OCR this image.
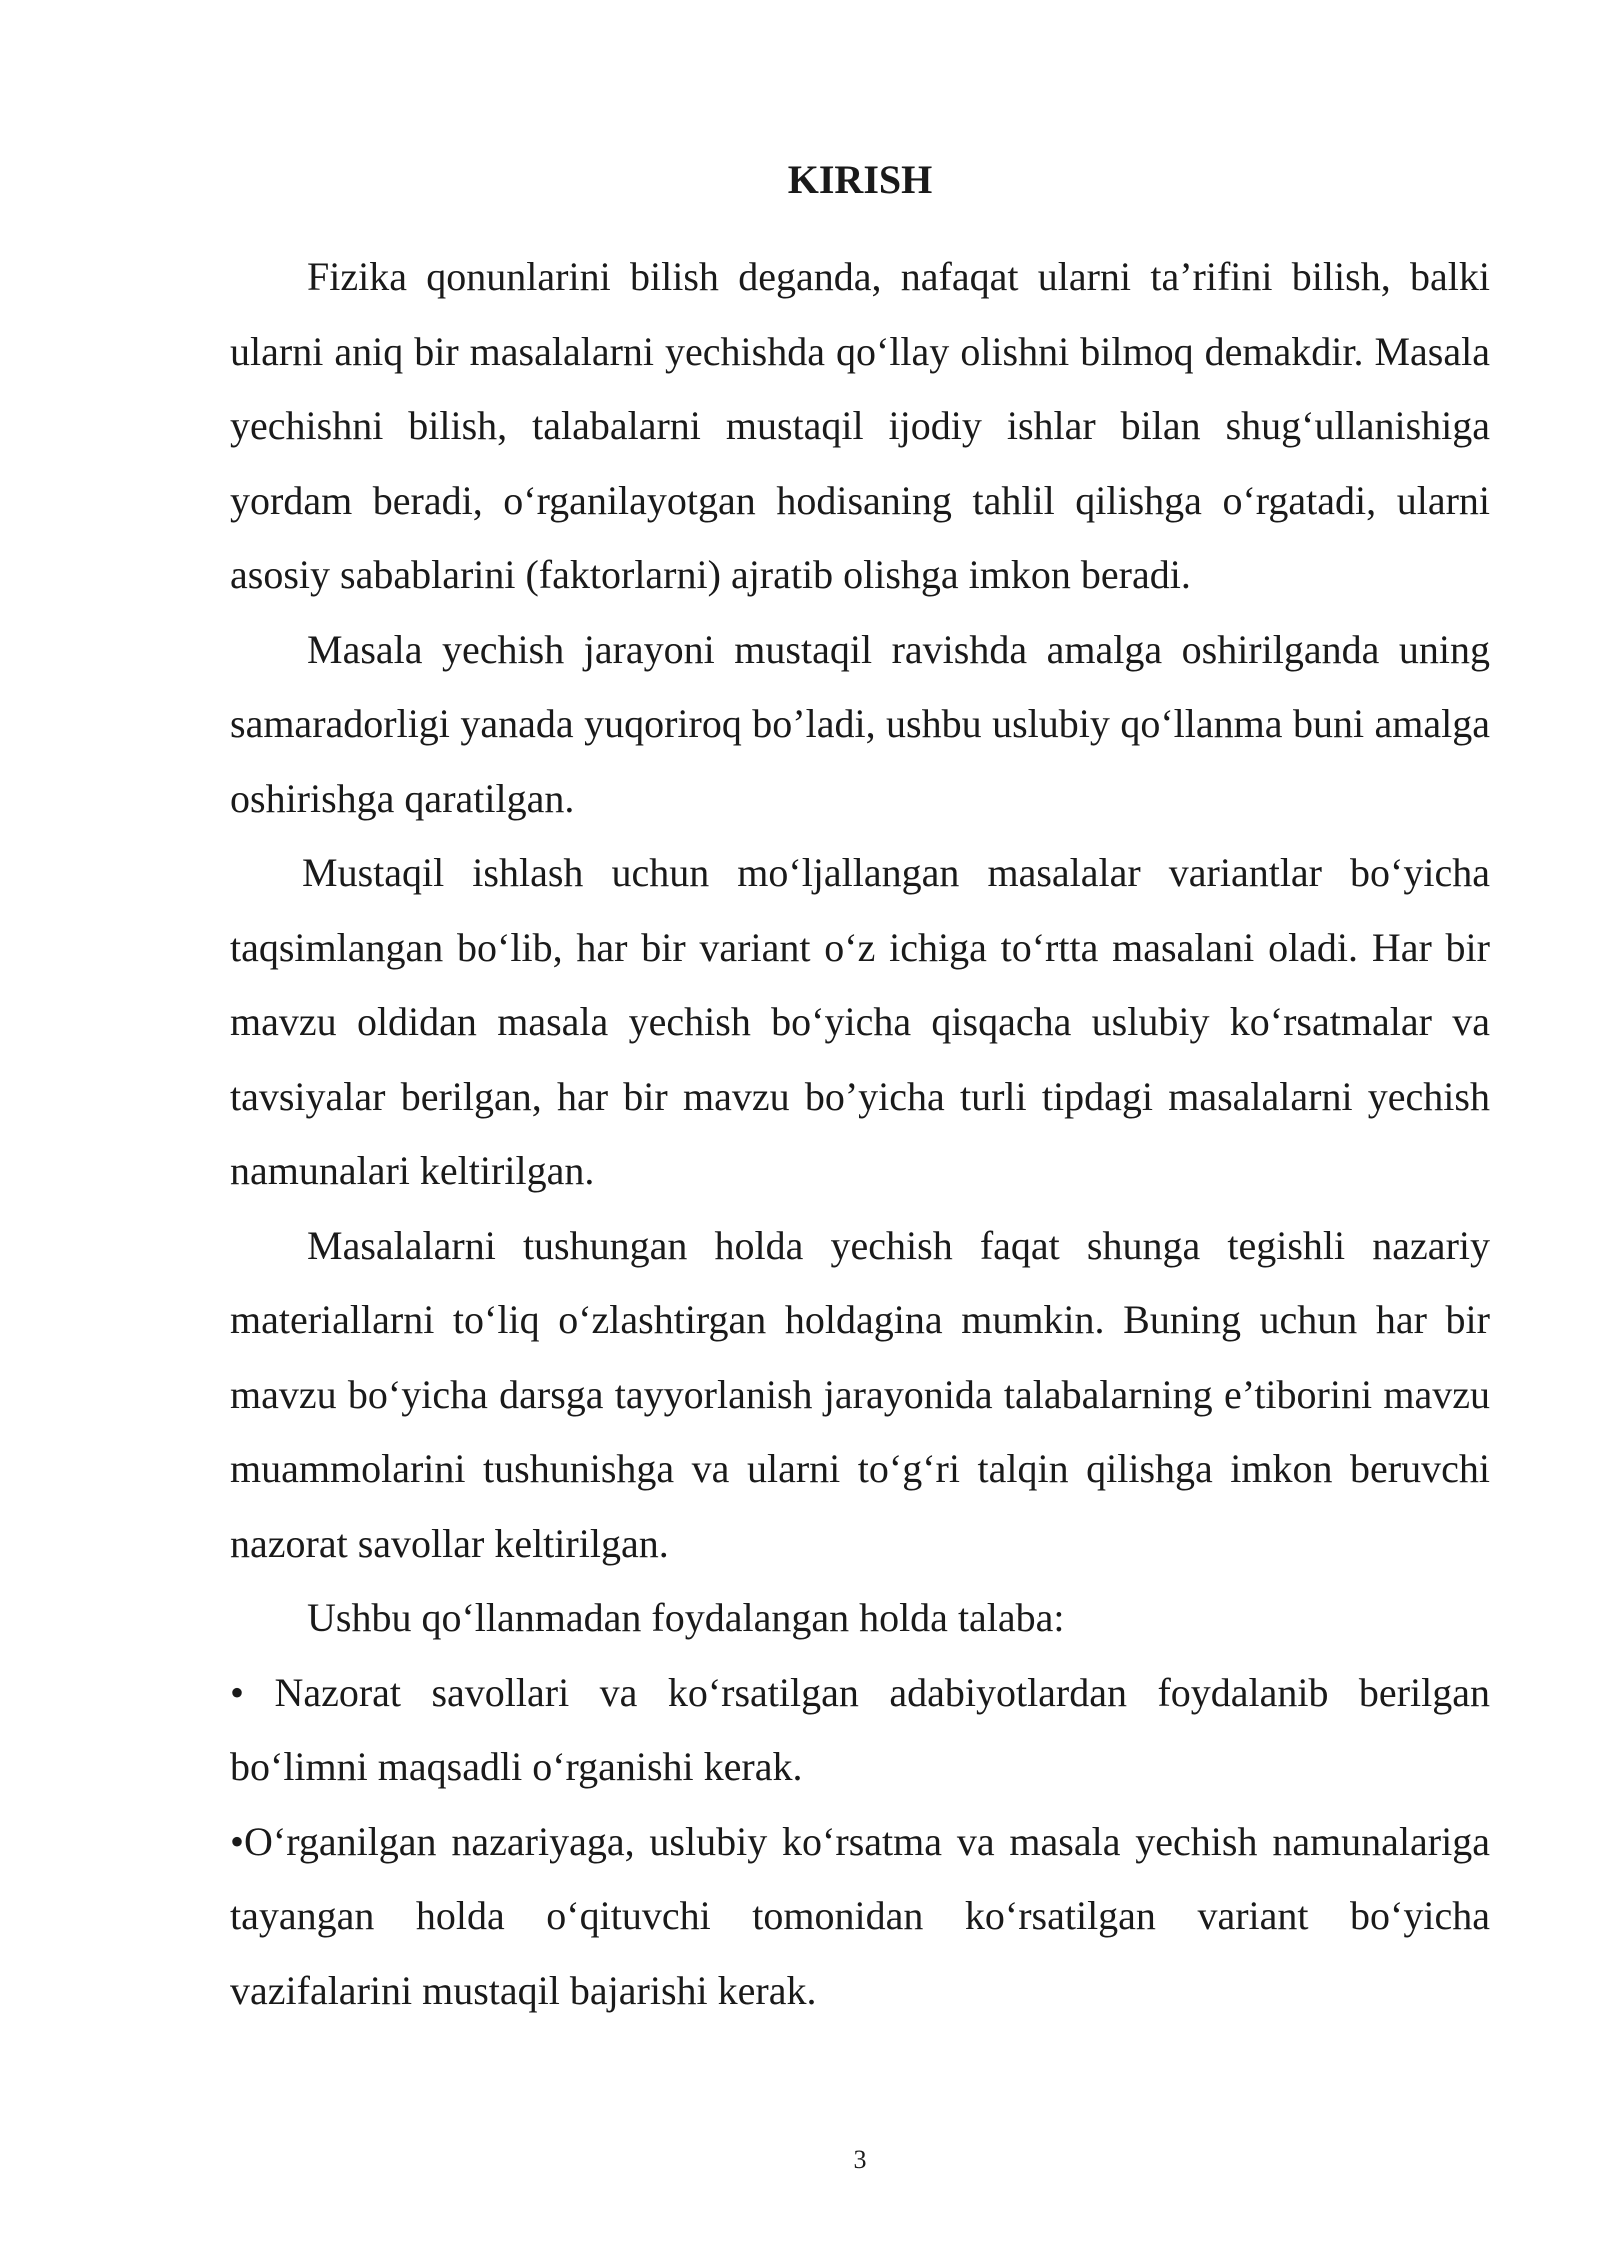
KIRISH

Fizika qonunlarini bilish deganda, nafaqat ularni ta’rifini bilish, balki ularni aniq bir masalalarni yechishda qo‘llay olishni bilmoq demakdir. Masala yechishni bilish, talabalarni mustaqil ijodiy ishlar bilan shug‘ullanishiga yordam beradi, o‘rganilayotgan hodisaning tahlil qilishga o‘rgatadi, ularni asosiy sabablarini (faktorlarni) ajratib olishga imkon beradi.

Masala yechish jarayoni mustaqil ravishda amalga oshirilganda uning samaradorligi yanada yuqoriroq bo’ladi, ushbu uslubiy qo‘llanma buni amalga oshirishga qaratilgan.

Mustaqil ishlash uchun mo‘ljallangan masalalar variantlar bo‘yicha taqsimlangan bo‘lib, har bir variant o‘z ichiga to‘rtta masalani oladi. Har bir mavzu oldidan masala yechish bo‘yicha qisqacha uslubiy ko‘rsatmalar va tavsiyalar berilgan, har bir mavzu bo’yicha turli tipdagi masalalarni yechish namunalari keltirilgan.

Masalalarni tushungan holda yechish faqat shunga tegishli nazariy materiallarni to‘liq o‘zlashtirgan holdagina mumkin. Buning uchun har bir mavzu bo‘yicha darsga tayyorlanish jarayonida talabalarning e’tiborini mavzu muammolarini tushunishga va ularni to‘g‘ri talqin qilishga imkon beruvchi nazorat savollar keltirilgan.

Ushbu qo‘llanmadan foydalangan holda talaba:

• Nazorat savollari va ko‘rsatilgan adabiyotlardan foydalanib berilgan bo‘limni maqsadli o‘rganishi kerak.

•O‘rganilgan nazariyaga, uslubiy ko‘rsatma va masala yechish namunalariga tayangan holda o‘qituvchi tomonidan ko‘rsatilgan variant bo‘yicha vazifalarini mustaqil bajarishi kerak.

3
